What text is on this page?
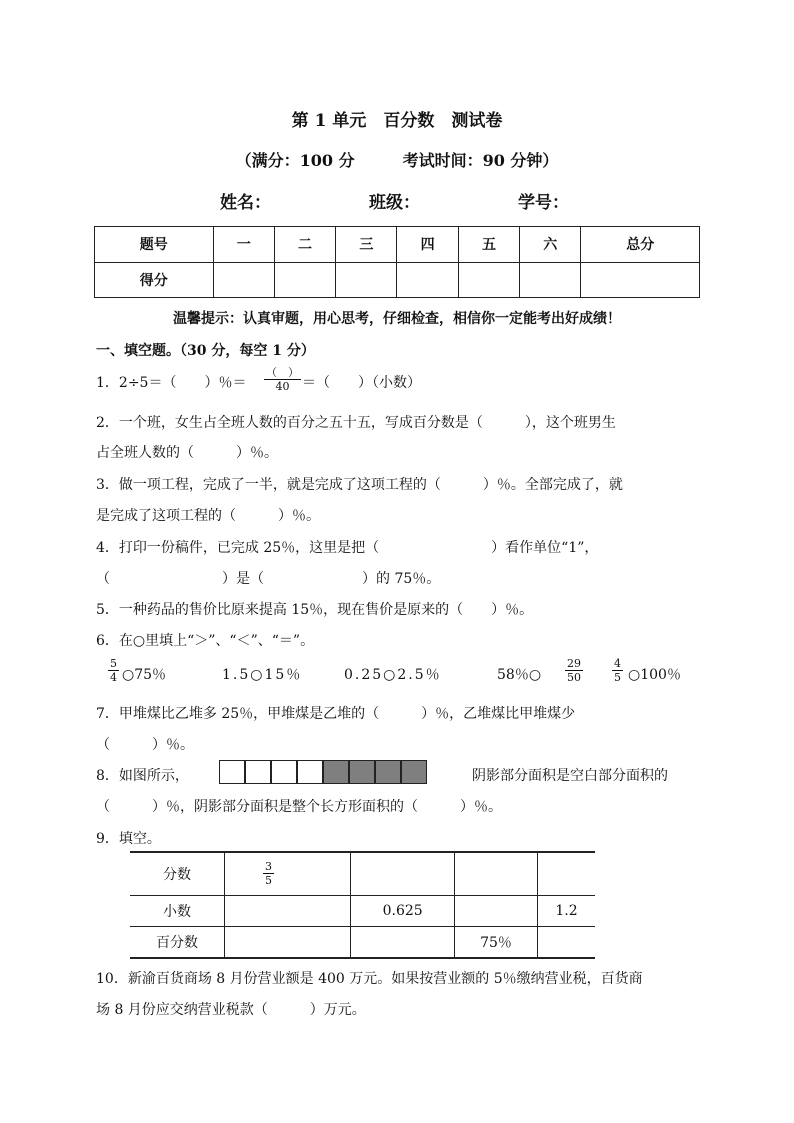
第 1 单元　百分数　测试卷
（满分：100 分　　　考试时间：90 分钟）
姓名：	班级：	学号：
题号	一	二	三	四	五	六	总分
得分							
温馨提示：认真审题，用心思考，仔细检查，相信你一定能考出好成绩！
一、填空题。（30 分，每空 1 分）
1．2÷5＝（　　）％＝
（　）
40 ＝（　　）（小数）
2．一个班，女生占全班人数的百分之五十五，写成百分数是（　　　），这个班男生
占全班人数的（　　　）％。
3．做一项工程，完成了一半，就是完成了这项工程的（　　　）％。全部完成了，就
是完成了这项工程的（　　　）％。
4．打印一份稿件，已完成 25％，这里是把（　　　　　　　　）看作单位“1”，
（　　　　　　　　）是（　　　　　　　）的 75％。
5．一种药品的售价比原来提高 15％，现在售价是原来的（　　）％。
6．在○里填上“＞”、“＜”、“＝”。
$\frac{5}{4}$ ○75％	1.5○15％	0.25○2.5％	58％○ $\frac{29}{50}$	$\frac{4}{5}$ ○100％
7．甲堆煤比乙堆多 25％，甲堆煤是乙堆的（　　　）％，乙堆煤比甲堆煤少
（　　　）％。
8．如图所示，	阴影部分面积是空白部分面积的
（　　　）％，阴影部分面积是整个长方形面积的（　　　）％。
9．填空。
分数	$\frac{3}{5}$

小数		0.625		1.2
百分数			75％	
10．新渝百货商场 8 月份营业额是 400 万元。如果按营业额的 5％缴纳营业税，百货商
场 8 月份应交纳营业税款（　　　）万元。
